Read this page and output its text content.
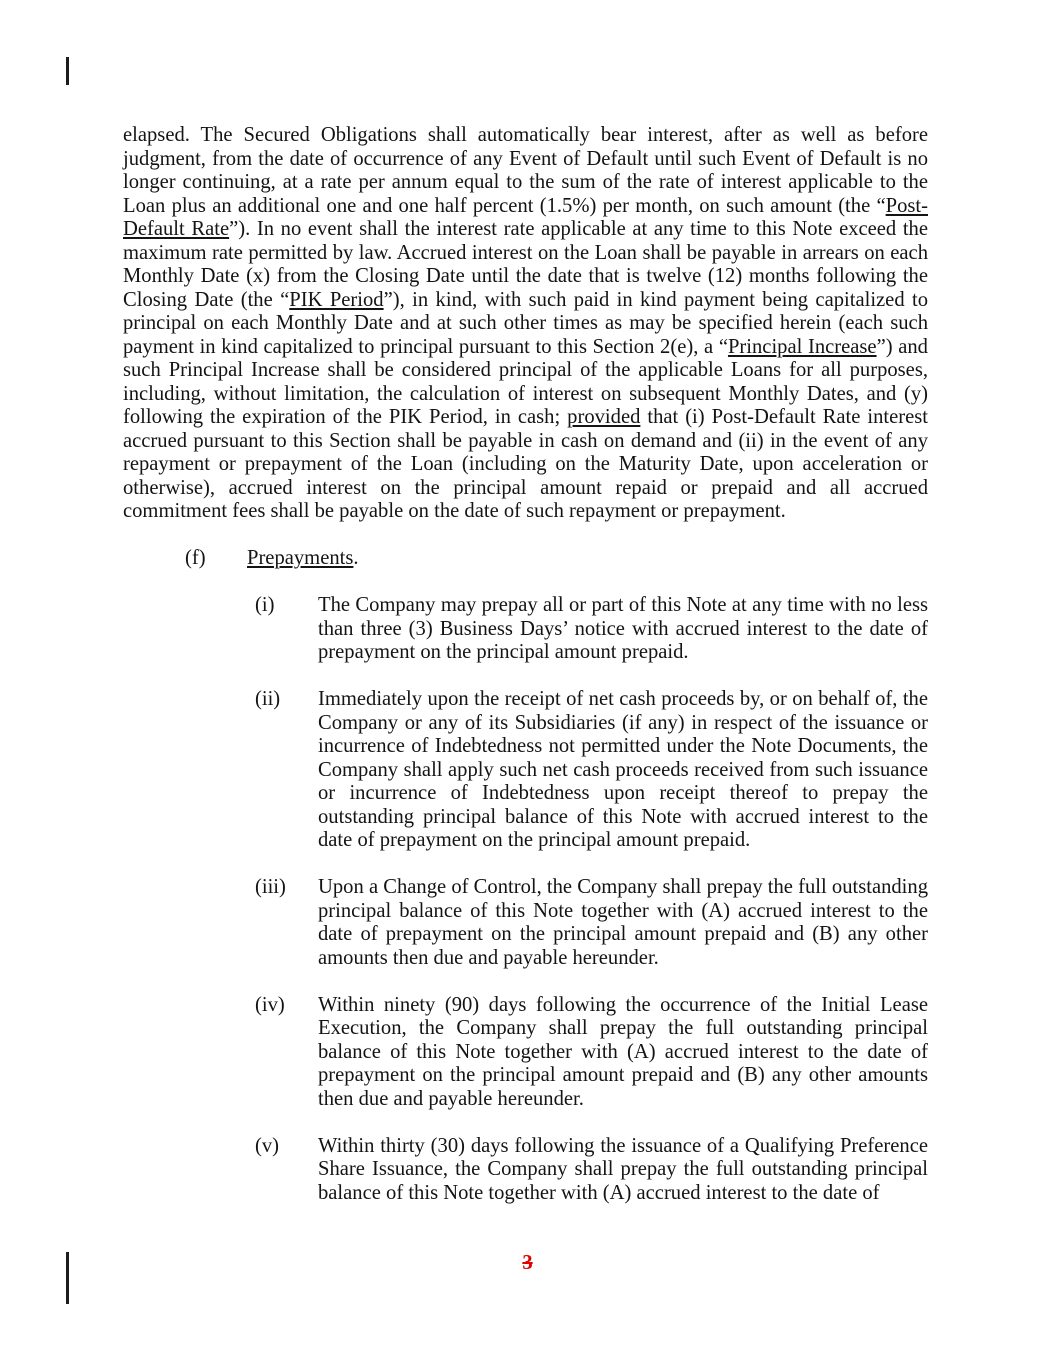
elapsed. The Secured Obligations shall automatically bear interest, after as well as before judgment, from the date of occurrence of any Event of Default until such Event of Default is no longer continuing, at a rate per annum equal to the sum of the rate of interest applicable to the Loan plus an additional one and one half percent (1.5%) per month, on such amount (the “Post-Default Rate”). In no event shall the interest rate applicable at any time to this Note exceed the maximum rate permitted by law. Accrued interest on the Loan shall be payable in arrears on each Monthly Date (x) from the Closing Date until the date that is twelve (12) months following the Closing Date (the “PIK Period”), in kind, with such paid in kind payment being capitalized to principal on each Monthly Date and at such other times as may be specified herein (each such payment in kind capitalized to principal pursuant to this Section 2(e), a “Principal Increase”) and such Principal Increase shall be considered principal of the applicable Loans for all purposes, including, without limitation, the calculation of interest on subsequent Monthly Dates, and (y) following the expiration of the PIK Period, in cash; provided that (i) Post-Default Rate interest accrued pursuant to this Section shall be payable in cash on demand and (ii) in the event of any repayment or prepayment of the Loan (including on the Maturity Date, upon acceleration or otherwise), accrued interest on the principal amount repaid or prepaid and all accrued commitment fees shall be payable on the date of such repayment or prepayment.

(f) Prepayments.
(i) The Company may prepay all or part of this Note at any time with no less than three (3) Business Days’ notice with accrued interest to the date of prepayment on the principal amount prepaid.
(ii) Immediately upon the receipt of net cash proceeds by, or on behalf of, the Company or any of its Subsidiaries (if any) in respect of the issuance or incurrence of Indebtedness not permitted under the Note Documents, the Company shall apply such net cash proceeds received from such issuance or incurrence of Indebtedness upon receipt thereof to prepay the outstanding principal balance of this Note with accrued interest to the date of prepayment on the principal amount prepaid.
(iii) Upon a Change of Control, the Company shall prepay the full outstanding principal balance of this Note together with (A) accrued interest to the date of prepayment on the principal amount prepaid and (B) any other amounts then due and payable hereunder.
(iv) Within ninety (90) days following the occurrence of the Initial Lease Execution, the Company shall prepay the full outstanding principal balance of this Note together with (A) accrued interest to the date of prepayment on the principal amount prepaid and (B) any other amounts then due and payable hereunder.
(v) Within thirty (30) days following the issuance of a Qualifying Preference Share Issuance, the Company shall prepay the full outstanding principal balance of this Note together with (A) accrued interest to the date of
3
